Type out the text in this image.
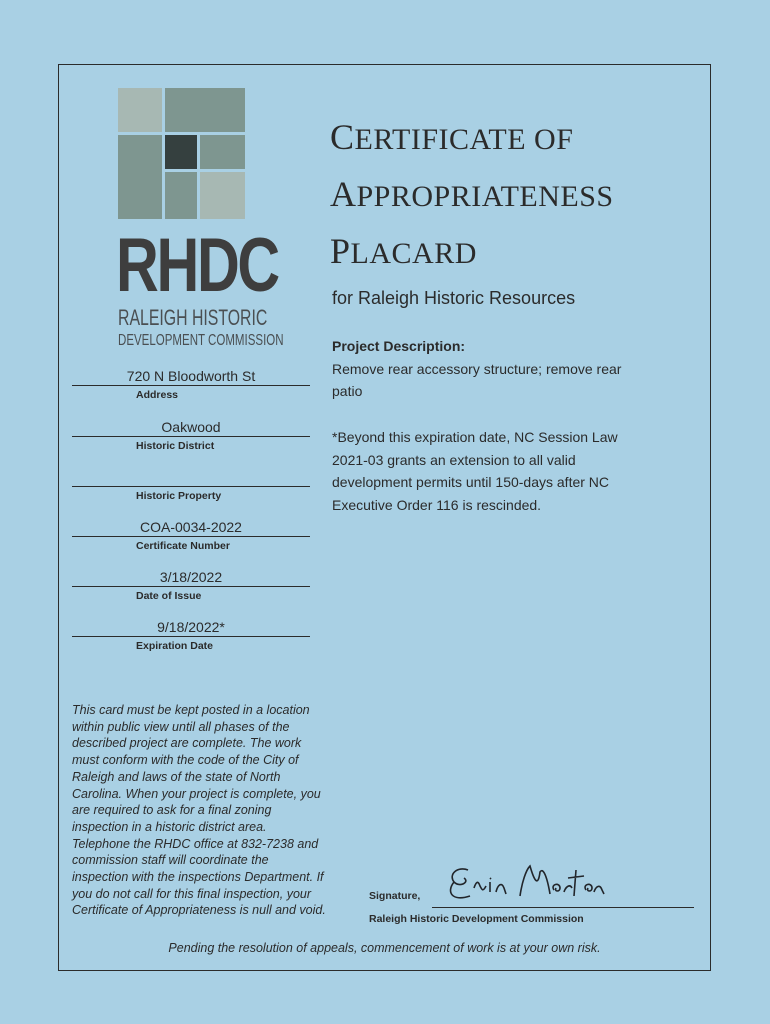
RHDC
RALEIGH HISTORIC
DEVELOPMENT COMMISSION
CERTIFICATE OF
APPROPRIATENESS
PLACARD
for Raleigh Historic Resources
Project Description:
Remove rear accessory structure; remove rear patio
*Beyond this expiration date, NC Session Law 2021-03 grants an extension to all valid development permits until 150-days after NC Executive Order 116 is rescinded.
720 N Bloodworth St
Address
Oakwood
Historic District
Historic Property
COA-0034-2022
Certificate Number
3/18/2022
Date of Issue
9/18/2022*
Expiration Date
This card must be kept posted in a location within public view until all phases of the described project are complete. The work must conform with the code of the City of Raleigh and laws of the state of North Carolina. When your project is complete, you are required to ask for a final zoning inspection in a historic district area. Telephone the RHDC office at 832-7238 and commission staff will coordinate the inspection with the inspections Department. If you do not call for this final inspection, your Certificate of Appropriateness is null and void.
Signature,
Raleigh Historic Development Commission
Pending the resolution of appeals, commencement of work is at your own risk.
